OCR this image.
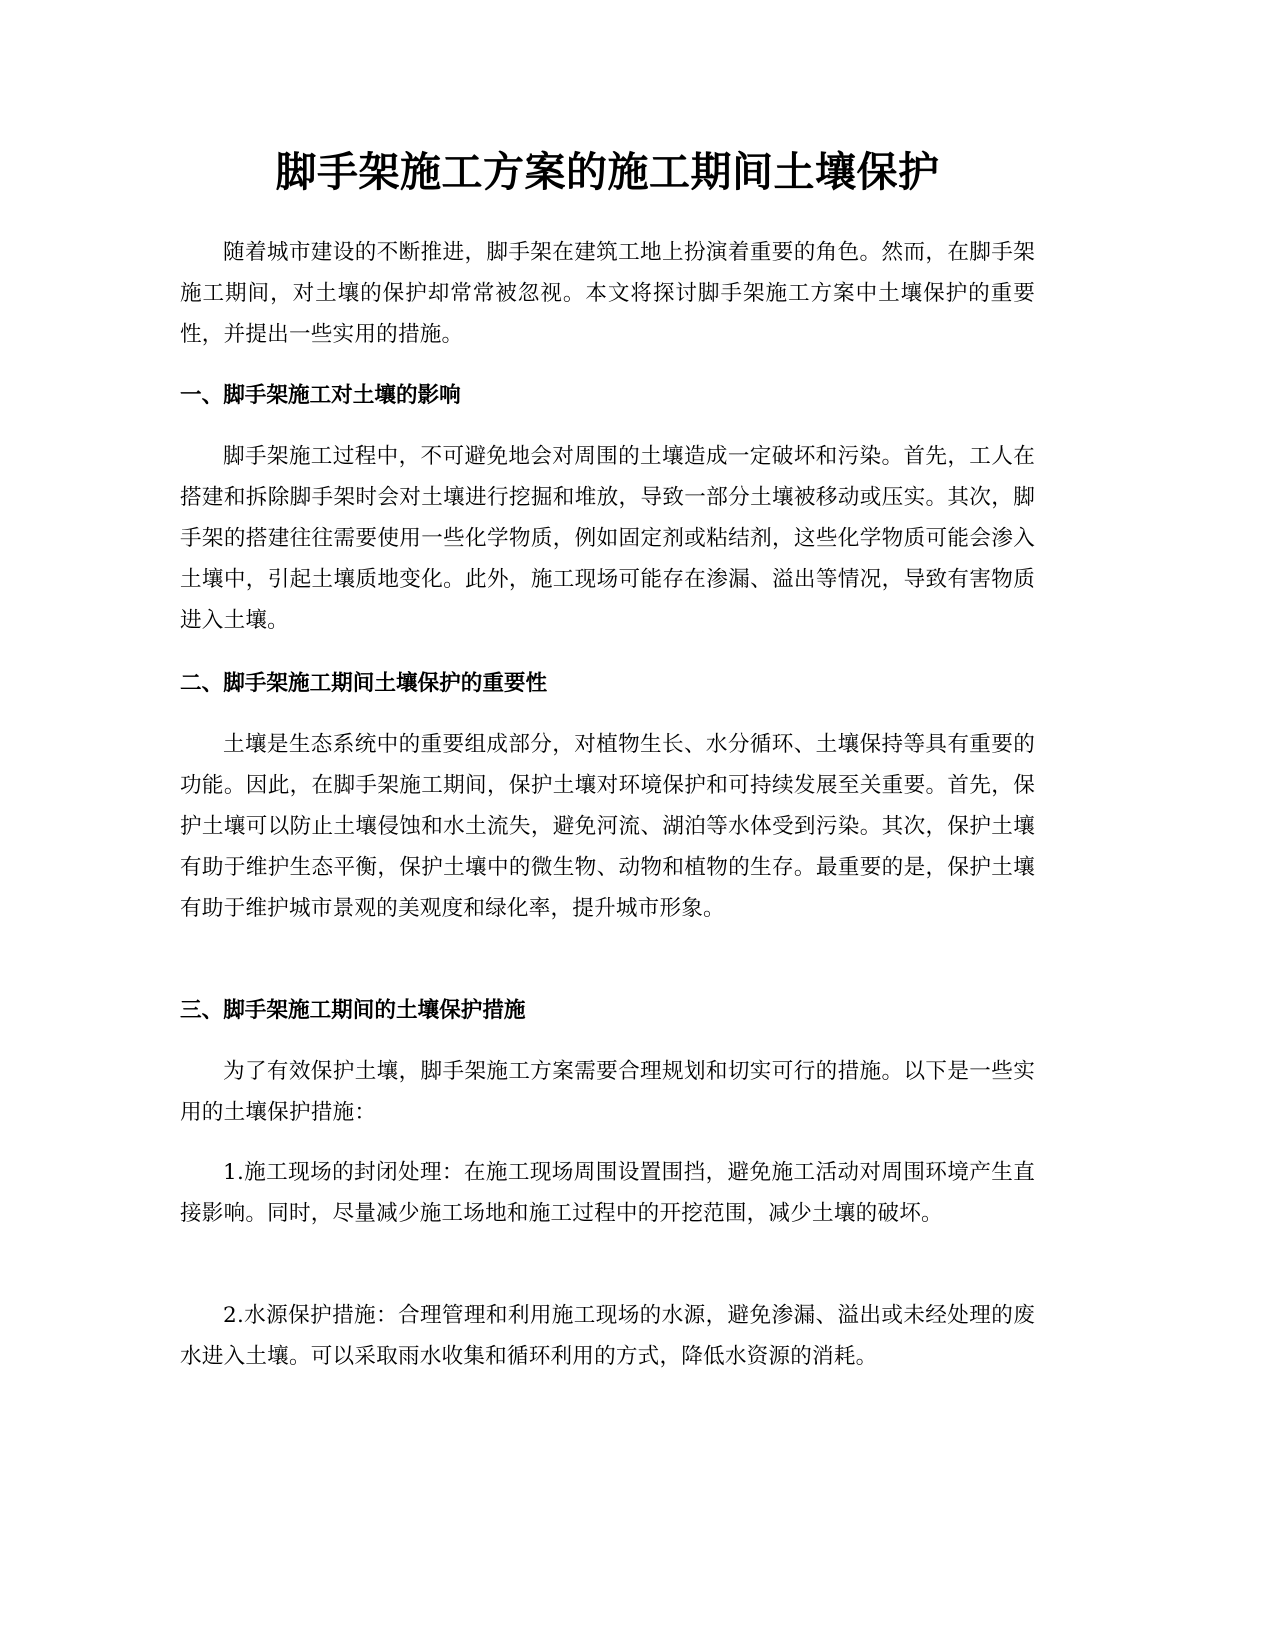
脚手架施工方案的施工期间土壤保护

随着城市建设的不断推进，脚手架在建筑工地上扮演着重要的角色。然而，在脚手架施工期间，对土壤的保护却常常被忽视。本文将探讨脚手架施工方案中土壤保护的重要性，并提出一些实用的措施。

一、脚手架施工对土壤的影响

脚手架施工过程中，不可避免地会对周围的土壤造成一定破坏和污染。首先，工人在搭建和拆除脚手架时会对土壤进行挖掘和堆放，导致一部分土壤被移动或压实。其次，脚手架的搭建往往需要使用一些化学物质，例如固定剂或粘结剂，这些化学物质可能会渗入土壤中，引起土壤质地变化。此外，施工现场可能存在渗漏、溢出等情况，导致有害物质进入土壤。

二、脚手架施工期间土壤保护的重要性

土壤是生态系统中的重要组成部分，对植物生长、水分循环、土壤保持等具有重要的功能。因此，在脚手架施工期间，保护土壤对环境保护和可持续发展至关重要。首先，保护土壤可以防止土壤侵蚀和水土流失，避免河流、湖泊等水体受到污染。其次，保护土壤有助于维护生态平衡，保护土壤中的微生物、动物和植物的生存。最重要的是，保护土壤有助于维护城市景观的美观度和绿化率，提升城市形象。

三、脚手架施工期间的土壤保护措施

为了有效保护土壤，脚手架施工方案需要合理规划和切实可行的措施。以下是一些实用的土壤保护措施：

1.施工现场的封闭处理：在施工现场周围设置围挡，避免施工活动对周围环境产生直接影响。同时，尽量减少施工场地和施工过程中的开挖范围，减少土壤的破坏。

2.水源保护措施：合理管理和利用施工现场的水源，避免渗漏、溢出或未经处理的废水进入土壤。可以采取雨水收集和循环利用的方式，降低水资源的消耗。
